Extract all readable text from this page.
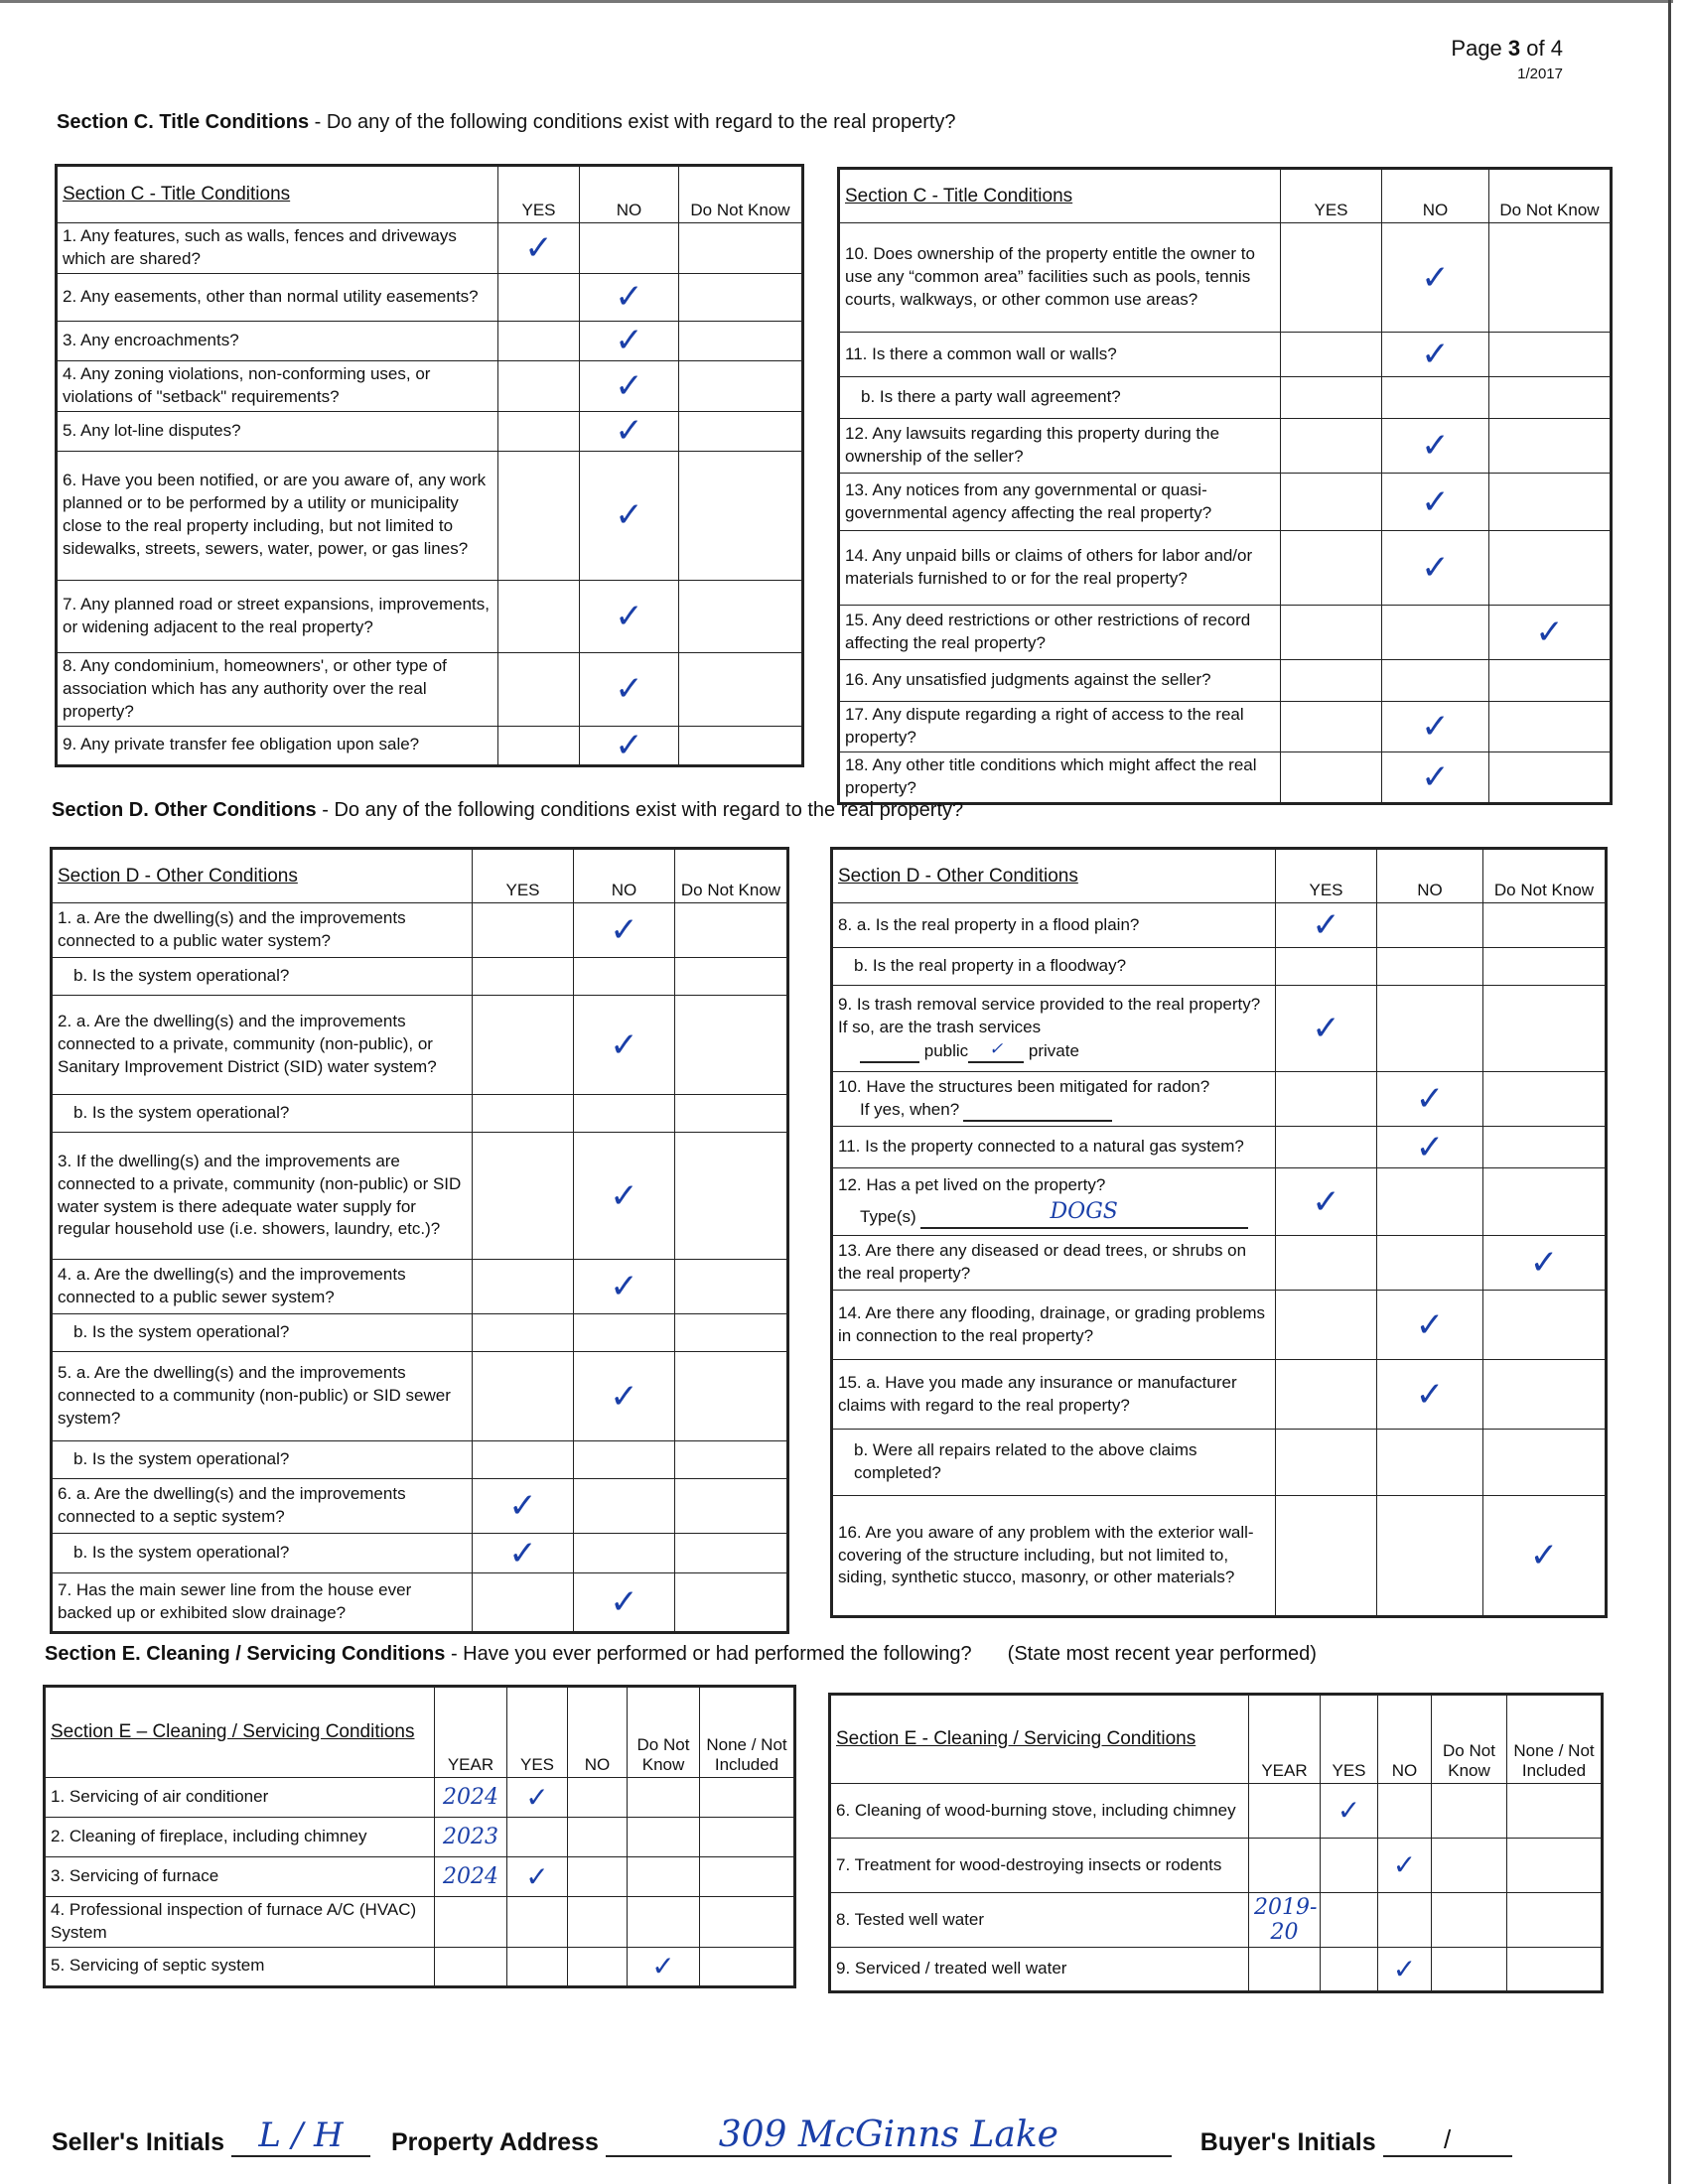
Page 3 of 4
1/2017
Section C. Title Conditions - Do any of the following conditions exist with regard to the real property?
Section C - Title Conditions	YES	NO	Do Not Know

1. Any features, such as walls, fences and driveways which are shared?	✓		

2. Any easements, other than normal utility easements?		✓	

3. Any encroachments?		✓	

4. Any zoning violations, non-conforming uses, or violations of "setback" requirements?		✓	

5. Any lot-line disputes?		✓	

6. Have you been notified, or are you aware of, any work planned or to be performed by a utility or municipality close to the real property including, but not limited to sidewalks, streets, sewers, water, power, or gas lines?		✓	

7. Any planned road or street expansions, improvements, or widening adjacent to the real property?		✓	

8. Any condominium, homeowners', or other type of association which has any authority over the real property?		✓	

9. Any private transfer fee obligation upon sale?		✓	
Section C - Title Conditions	YES	NO	Do Not Know

10. Does ownership of the property entitle the owner to use any “common area” facilities such as pools, tennis courts, walkways, or other common use areas?		✓	

11. Is there a common wall or walls?		✓	

b. Is there a party wall agreement?			

12. Any lawsuits regarding this property during the ownership of the seller?		✓	

13. Any notices from any governmental or quasi-governmental agency affecting the real property?		✓	

14. Any unpaid bills or claims of others for labor and/or materials furnished to or for the real property?		✓	

15. Any deed restrictions or other restrictions of record affecting the real property?			✓

16. Any unsatisfied judgments against the seller?			

17. Any dispute regarding a right of access to the real property?		✓	

18. Any other title conditions which might affect the real property?		✓	
Section D. Other Conditions - Do any of the following conditions exist with regard to the real property?
Section D - Other Conditions	YES	NO	Do Not Know

1. a. Are the dwelling(s) and the improvements connected to a public water system?		✓	

b. Is the system operational?			

2. a. Are the dwelling(s) and the improvements connected to a private, community (non-public), or Sanitary Improvement District (SID) water system?		✓	

b. Is the system operational?			

3. If the dwelling(s) and the improvements are connected to a private, community (non-public) or SID water system is there adequate water supply for regular household use (i.e. showers, laundry, etc.)?		✓	

4. a. Are the dwelling(s) and the improvements connected to a public sewer system?		✓	

b. Is the system operational?			

5. a. Are the dwelling(s) and the improvements connected to a community (non-public) or SID sewer system?		✓	

b. Is the system operational?			

6. a. Are the dwelling(s) and the improvements connected to a septic system?	✓		

b. Is the system operational?	✓		

7. Has the main sewer line from the house ever backed up or exhibited slow drainage?		✓	
Section D - Other Conditions	YES	NO	Do Not Know

8. a. Is the real property in a flood plain?	✓		

b. Is the real property in a floodway?			

9. Is trash removal service provided to the real property? If so, are the trash services
public ✓ private	✓		

10. Have the structures been mitigated for radon?
If yes, when?		✓	

11. Is the property connected to a natural gas system?		✓	

12. Has a pet lived on the property?
Type(s) DOGS	✓		

13. Are there any diseased or dead trees, or shrubs on the real property?			✓

14. Are there any flooding, drainage, or grading problems in connection to the real property?		✓	

15. a. Have you made any insurance or manufacturer claims with regard to the real property?		✓	

b. Were all repairs related to the above claims completed?			

16. Are you aware of any problem with the exterior wall-covering of the structure including, but not limited to, siding, synthetic stucco, masonry, or other materials?			✓
Section E. Cleaning / Servicing Conditions - Have you ever performed or had performed the following? (State most recent year performed)
Section E – Cleaning / Servicing Conditions	YEAR	YES	NO	Do Not Know	None / Not Included
1. Servicing of air conditioner	2024	✓			
2. Cleaning of fireplace, including chimney	2023				
3. Servicing of furnace	2024	✓			
4. Professional inspection of furnace A/C (HVAC) System					
5. Servicing of septic system				✓	
Section E - Cleaning / Servicing Conditions	YEAR	YES	NO	Do Not Know	None / Not Included
6. Cleaning of wood-burning stove, including chimney		✓			
7. Treatment for wood-destroying insects or rodents			✓		
8. Tested well water	2019-20				
9. Serviced / treated well water			✓		
Seller's Initials L / H Property Address	309 McGinns Lake	Buyer's Initials	/
